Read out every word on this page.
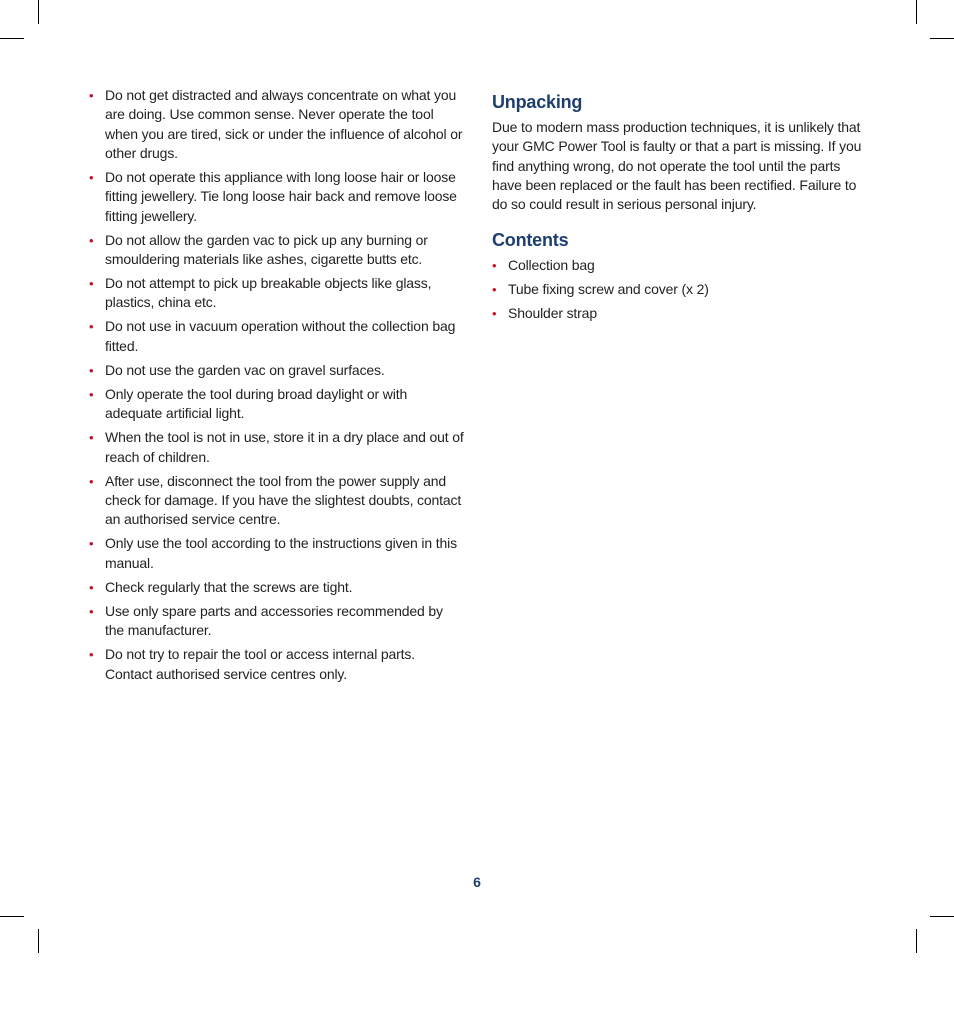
• Do not get distracted and always concentrate on what you are doing. Use common sense. Never operate the tool when you are tired, sick or under the influence of alcohol or other drugs.
• Do not operate this appliance with long loose hair or loose fitting jewellery. Tie long loose hair back and remove loose fitting jewellery.
• Do not allow the garden vac to pick up any burning or smouldering materials like ashes, cigarette butts etc.
• Do not attempt to pick up breakable objects like glass, plastics, china etc.
• Do not use in vacuum operation without the collection bag fitted.
• Do not use the garden vac on gravel surfaces.
• Only operate the tool during broad daylight or with adequate artificial light.
• When the tool is not in use, store it in a dry place and out of reach of children.
• After use, disconnect the tool from the power supply and check for damage. If you have the slightest doubts, contact an authorised service centre.
• Only use the tool according to the instructions given in this manual.
• Check regularly that the screws are tight.
• Use only spare parts and accessories recommended by the manufacturer.
• Do not try to repair the tool or access internal parts. Contact authorised service centres only.
Unpacking

Due to modern mass production techniques, it is unlikely that your GMC Power Tool is faulty or that a part is missing. If you find anything wrong, do not operate the tool until the parts have been replaced or the fault has been rectified. Failure to do so could result in serious personal injury.

Contents
• Collection bag
• Tube fixing screw and cover (x 2)
• Shoulder strap
6
